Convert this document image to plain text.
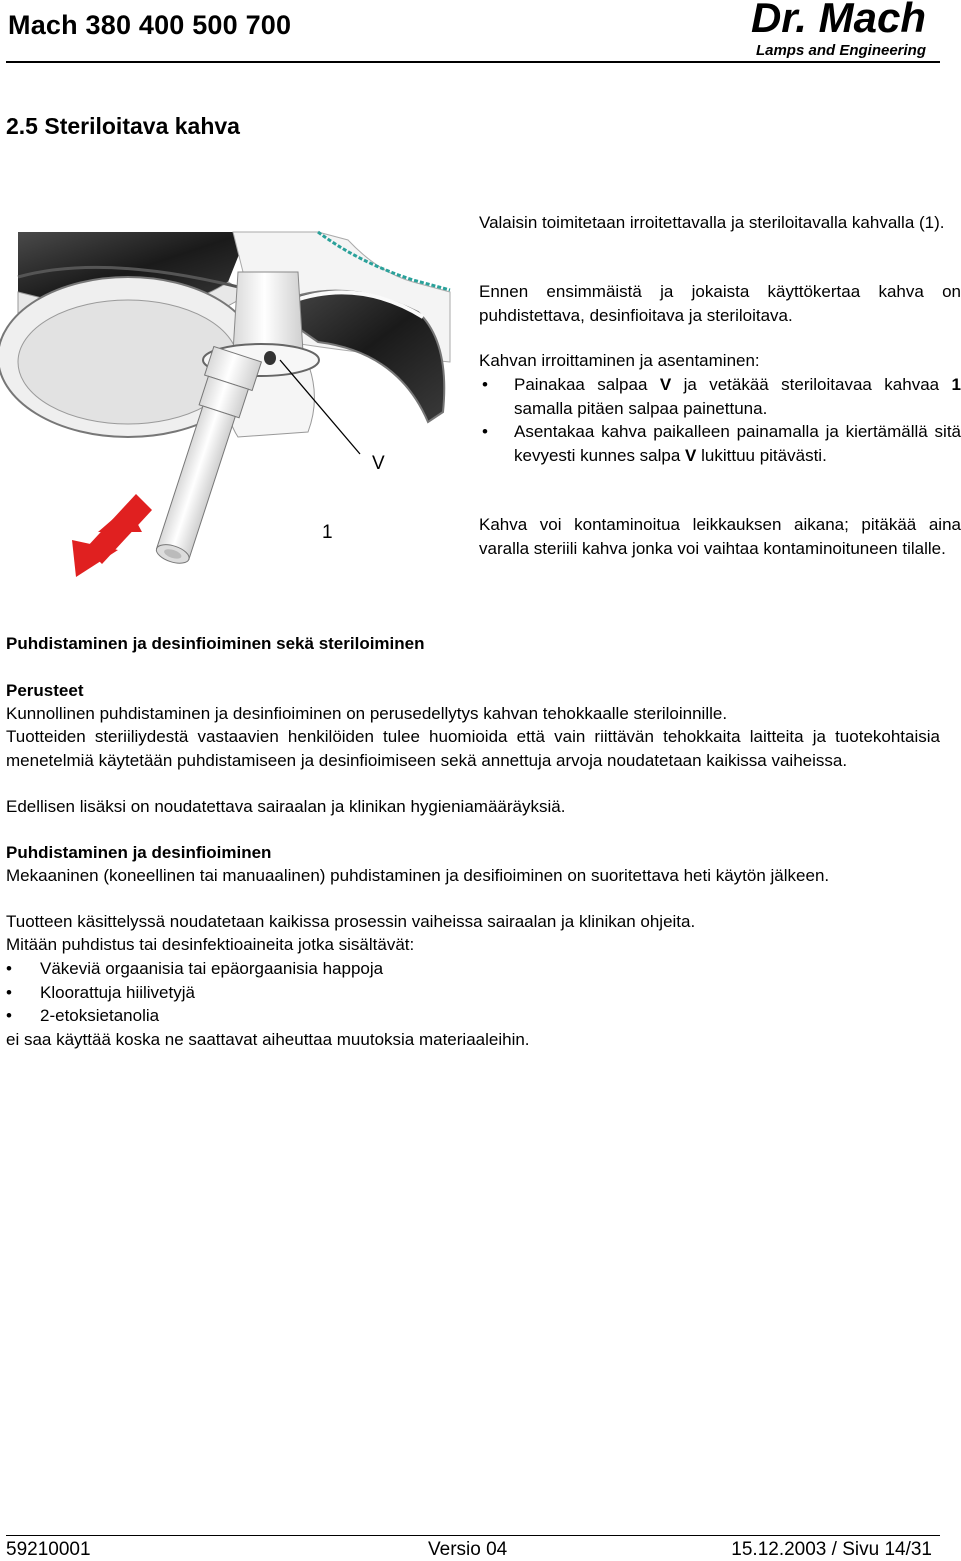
Mach 380 400 500 700	Dr. Mach
Lamps and Engineering
2.5 Steriloitava kahva
V
1
Valaisin toimitetaan irroitettavalla ja steriloitavalla kahvalla (1).
Ennen ensimmäistä ja jokaista käyttökertaa kahva on puhdistettava, desinfioitava ja steriloitava.
Kahvan irroittaminen ja asentaminen:
• Painakaa salpaa V ja vetäkää steriloitavaa kahvaa 1 samalla pitäen salpaa painettuna.
• Asentakaa kahva paikalleen painamalla ja kiertämällä sitä kevyesti kunnes salpa V lukittuu pitävästi.
Kahva voi kontaminoitua leikkauksen aikana; pitäkää aina varalla steriili kahva jonka voi vaihtaa kontaminoituneen tilalle.
Puhdistaminen ja desinfioiminen sekä steriloiminen
Perusteet
Kunnollinen puhdistaminen ja desinfioiminen on perusedellytys kahvan tehokkaalle steriloinnille.
Tuotteiden steriiliydestä vastaavien henkilöiden tulee huomioida että vain riittävän tehokkaita laitteita ja tuotekohtaisia menetelmiä käytetään puhdistamiseen ja desinfioimiseen sekä annettuja arvoja noudatetaan kaikissa vaiheissa.
Edellisen lisäksi on noudatettava sairaalan ja klinikan hygieniamääräyksiä.
Puhdistaminen ja desinfioiminen
Mekaaninen (koneellinen tai manuaalinen) puhdistaminen ja desifioiminen on suoritettava heti käytön jälkeen.
Tuotteen käsittelyssä noudatetaan kaikissa prosessin vaiheissa sairaalan ja klinikan ohjeita.
Mitään puhdistus tai desinfektioaineita jotka sisältävät:
• Väkeviä orgaanisia tai epäorgaanisia happoja
• Kloorattuja hiilivetyjä
• 2-etoksietanolia
ei saa käyttää koska ne saattavat aiheuttaa muutoksia materiaaleihin.
59210001	Versio 04	15.12.2003 / Sivu 14/31
